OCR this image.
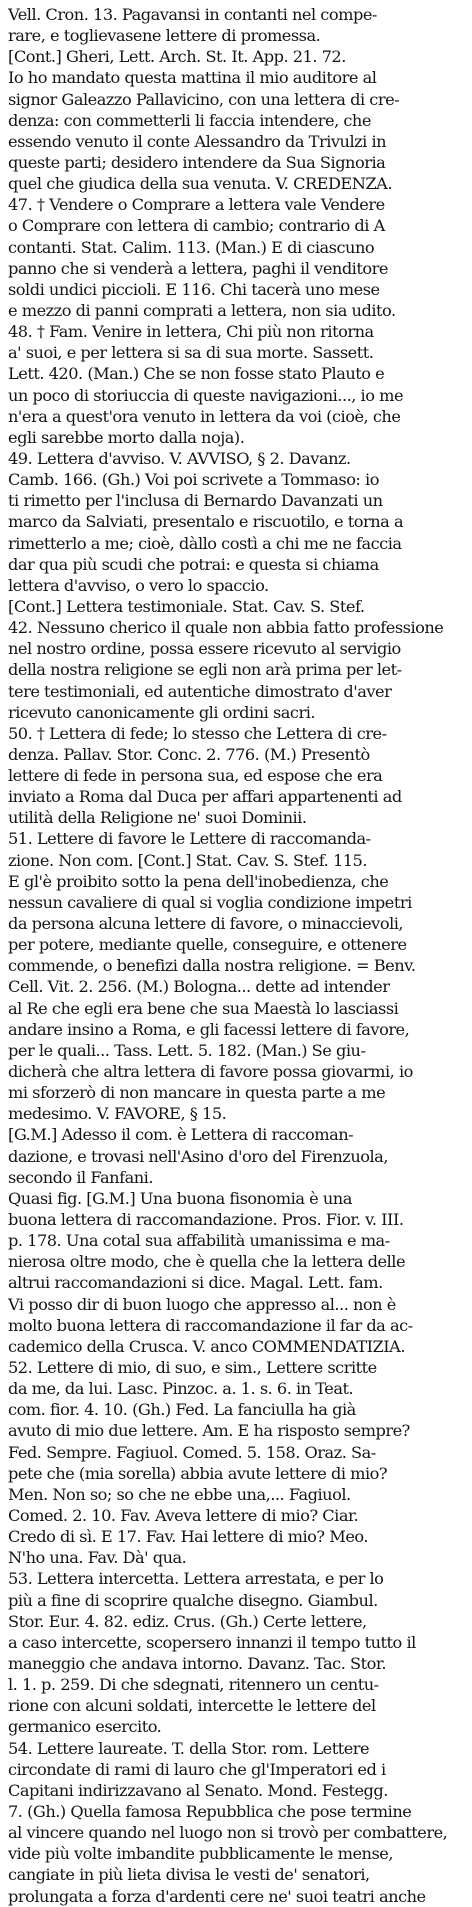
Vell. Cron. 13. Pagavansi in contanti nel compe-
rare, e toglievasene lettere di promessa.
[Cont.] Gheri, Lett. Arch. St. It. App. 21. 72.
Io ho mandato questa mattina il mio auditore al
signor Galeazzo Pallavicino, con una lettera di cre-
denza: con commetterli li faccia intendere, che
essendo venuto il conte Alessandro da Trivulzi in
queste parti; desidero intendere da Sua Signoria
quel che giudica della sua venuta. V. CREDENZA.
47. † Vendere o Comprare a lettera vale Vendere
o Comprare con lettera di cambio; contrario di A
contanti. Stat. Calim. 113. (Man.) E di ciascuno
panno che si venderà a lettera, paghi il venditore
soldi undici piccioli. E 116. Chi tacerà uno mese
e mezzo di panni comprati a lettera, non sia udito.
48. † Fam. Venire in lettera, Chi più non ritorna
a' suoi, e per lettera si sa di sua morte. Sassett.
Lett. 420. (Man.) Che se non fosse stato Plauto e
un poco di storiuccia di queste navigazioni..., io me
n'era a quest'ora venuto in lettera da voi (cioè, che
egli sarebbe morto dalla noja).
49. Lettera d'avviso. V. AVVISO, § 2. Davanz.
Camb. 166. (Gh.) Voi poi scrivete a Tommaso: io
ti rimetto per l'inclusa di Bernardo Davanzati un
marco da Salviati, presentalo e riscuotilo, e torna a
rimetterlo a me; cioè, dàllo costì a chi me ne faccia
dar qua più scudi che potrai: e questa si chiama
lettera d'avviso, o vero lo spaccio.
[Cont.] Lettera testimoniale. Stat. Cav. S. Stef.
42. Nessuno cherico il quale non abbia fatto professione
nel nostro ordine, possa essere ricevuto al servigio
della nostra religione se egli non arà prima per let-
tere testimoniali, ed autentiche dimostrato d'aver
ricevuto canonicamente gli ordini sacri.
50. † Lettera di fede; lo stesso che Lettera di cre-
denza. Pallav. Stor. Conc. 2. 776. (M.) Presentò
lettere di fede in persona sua, ed espose che era
inviato a Roma dal Duca per affari appartenenti ad
utilità della Religione ne' suoi Dominii.
51. Lettere di favore le Lettere di raccomanda-
zione. Non com. [Cont.] Stat. Cav. S. Stef. 115.
E gl'è proibito sotto la pena dell'inobedienza, che
nessun cavaliere di qual si voglia condizione impetri
da persona alcuna lettere di favore, o minaccievoli,
per potere, mediante quelle, conseguire, e ottenere
commende, o benefizi dalla nostra religione. = Benv.
Cell. Vit. 2. 256. (M.) Bologna... dette ad intender
al Re che egli era bene che sua Maestà lo lasciassi
andare insino a Roma, e gli facessi lettere di favore,
per le quali... Tass. Lett. 5. 182. (Man.) Se giu-
dicherà che altra lettera di favore possa giovarmi, io
mi sforzerò di non mancare in questa parte a me
medesimo. V. FAVORE, § 15.
[G.M.] Adesso il com. è Lettera di raccoman-
dazione, e trovasi nell'Asino d'oro del Firenzuola,
secondo il Fanfani.
Quasi fig. [G.M.] Una buona fisonomia è una
buona lettera di raccomandazione. Pros. Fior. v. III.
p. 178. Una cotal sua affabilità umanissima e ma-
nierosa oltre modo, che è quella che la lettera delle
altrui raccomandazioni si dice. Magal. Lett. fam.
Vi posso dir di buon luogo che appresso al... non è
molto buona lettera di raccomandazione il far da ac-
cademico della Crusca. V. anco COMMENDATIZIA.
52. Lettere di mio, di suo, e sim., Lettere scritte
da me, da lui. Lasc. Pinzoc. a. 1. s. 6. in Teat.
com. fior. 4. 10. (Gh.) Fed. La fanciulla ha già
avuto di mio due lettere. Am. E ha risposto sempre?
Fed. Sempre. Fagiuol. Comed. 5. 158. Oraz. Sa-
pete che (mia sorella) abbia avute lettere di mio?
Men. Non so; so che ne ebbe una,... Fagiuol.
Comed. 2. 10. Fav. Aveva lettere di mio? Ciar.
Credo di sì. E 17. Fav. Hai lettere di mio? Meo.
N'ho una. Fav. Dà' qua.
53. Lettera intercetta. Lettera arrestata, e per lo
più a fine di scoprire qualche disegno. Giambul.
Stor. Eur. 4. 82. ediz. Crus. (Gh.) Certe lettere,
a caso intercette, scopersero innanzi il tempo tutto il
maneggio che andava intorno. Davanz. Tac. Stor.
l. 1. p. 259. Di che sdegnati, ritennero un centu-
rione con alcuni soldati, intercette le lettere del
germanico esercito.
54. Lettere laureate. T. della Stor. rom. Lettere
circondate di rami di lauro che gl'Imperatori ed i
Capitani indirizzavano al Senato. Mond. Festegg.
7. (Gh.) Quella famosa Repubblica che pose termine
al vincere quando nel luogo non si trovò per combattere,
vide più volte imbandite pubblicamente le mense,
cangiate in più lieta divisa le vesti de' senatori,
prolungata a forza d'ardenti cere ne' suoi teatri anche
